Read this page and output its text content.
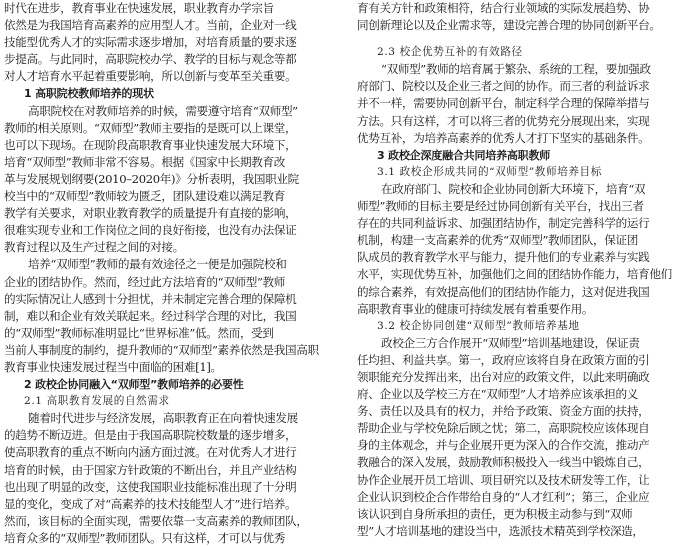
时代在进步，教育事业在快速发展，职业教育办学宗旨
依然是为我国培育高素养的应用型人才。当前，企业对一线
技能型优秀人才的实际需求逐步增加，对培育质量的要求逐
步提高。与此同时，高职院校办学、教学的目标与观念等都
对人才培育水平起着重要影响，所以创新与变革至关重要。
1 高职院校教师培养的现状
高职院校在对教师培养的时候，需要遵守培育“双师型”
教师的相关原则。“双师型”教师主要指的是既可以上课堂，
也可以下现场。在现阶段高职教育事业快速发展大环境下，
培育“双师型”教师非常不容易。根据《国家中长期教育改
革与发展规划纲要(2010–2020年)》分析表明，我国职业院
校当中的“双师型”教师较为匮乏，团队建设难以满足教育
教学有关要求，对职业教育教学的质量提升有直接的影响，
很难实现专业和工作岗位之间的良好衔接，也没有办法保证
教育过程以及生产过程之间的对接。
培养“双师型”教师的最有效途径之一便是加强院校和
企业的团结协作。然而，经过此方法培育的“双师型”教师
的实际情况让人感到十分担忧，并未制定完善合理的保障机
制，难以和企业有效关联起来。经过科学合理的对比，我国
的“双师型”教师标准明显比“世界标准”低。然而，受到
当前人事制度的制约，提升教师的“双师型”素养依然是我国高职
教育事业快速发展过程当中面临的困难[1]。
2 政校企协同融入“双师型”教师培养的必要性
2.1 高职教育发展的自然需求
随着时代进步与经济发展，高职教育正在向着快速发展
的趋势不断迈进。但是由于我国高职院校数量的逐步增多，
使高职教育的重点不断向内涵方面过渡。在对优秀人才进行
培育的时候，由于国家方针政策的不断出台，并且产业结构
也出现了明显的改变，这使我国职业技能标准出现了十分明
显的变化，变成了对“高素养的技术技能型人才”进行培养。
然而，该目标的全面实现，需要依靠一支高素养的教师团队，
培育众多的“双师型”教师团队。只有这样，才可以与优秀
育有关方针和政策相符，结合行业领域的实际发展趋势、协
同创新理论以及企业需求等，建设完善合理的协同创新平台。
2.3 校企优势互补的有效路径
“双师型”教师的培育属于繁杂、系统的工程，要加强政
府部门、院校以及企业三者之间的协作。而三者的利益诉求
并不一样，需要协同创新平台，制定科学合理的保障举措与
方法。只有这样，才可以将三者的优势充分展现出来，实现
优势互补，为培养高素养的优秀人才打下坚实的基础条件。
3 政校企深度融合共同培养高职教师
3.1 政校企形成共同的“双师型”教师培养目标
在政府部门、院校和企业协同创新大环境下，培育“双
师型”教师的目标主要是经过协同创新有关平台，找出三者
存在的共同利益诉求、加强团结协作，制定完善科学的运行
机制，构建一支高素养的优秀“双师型”教师团队，保证团
队成员的教育教学水平与能力，提升他们的专业素养与实践
水平，实现优势互补，加强他们之间的团结协作能力，培育他们
的综合素养，有效提高他们的团结协作能力，这对促进我国
高职教育事业的健康可持续发展有着重要作用。
3.2 校企协同创建“双师型”教师培养基地
政校企三方合作展开“双师型”培训基地建设，保证责
任均担、利益共享。第一，政府应该将自身在政策方面的引
领职能充分发挥出来，出台对应的政策文件，以此来明确政
府、企业以及学校三方在“双师型”人才培养应该承担的义
务、责任以及具有的权力，并给予政策、资金方面的扶持，
帮助企业与学校免除后顾之忧；第二，高职院校应该体现自
身的主体观念，并与企业展开更为深入的合作交流，推动产
教融合的深入发展，鼓励教师积极投入一线当中锻炼自己，
协作企业展开员工培训、项目研究以及技术研发等工作，让
企业认识到校企合作带给自身的“人才红利”；第三，企业应
该认识到自身所承担的责任，更为积极主动参与到“双师
型”人才培训基地的建设当中，选派技术精英到学校深造，
